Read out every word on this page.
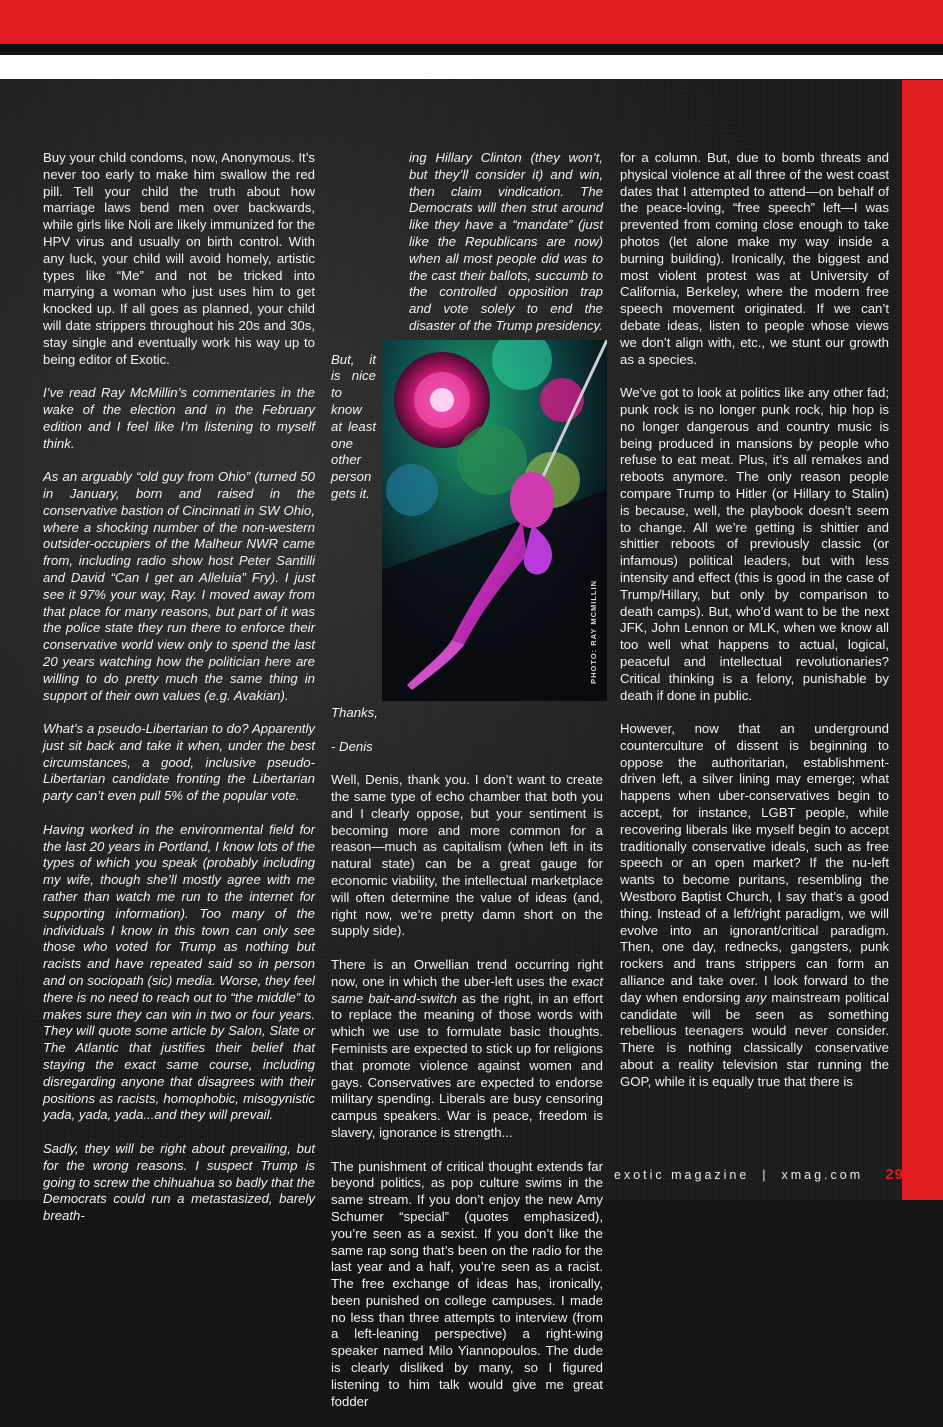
Buy your child condoms, now, Anonymous. It’s never too early to make him swallow the red pill. Tell your child the truth about how marriage laws bend men over backwards, while girls like Noli are likely immunized for the HPV virus and usually on birth control. With any luck, your child will avoid homely, artistic types like “Me” and not be tricked into marrying a woman who just uses him to get knocked up. If all goes as planned, your child will date strippers throughout his 20s and 30s, stay single and eventually work his way up to being editor of Exotic.

I’ve read Ray McMillin’s commentaries in the wake of the election and in the February edition and I feel like I’m listening to myself think.

As an arguably “old guy from Ohio” (turned 50 in January, born and raised in the conservative bastion of Cincinnati in SW Ohio, where a shocking number of the non-western outsider-occupiers of the Malheur NWR came from, including radio show host Peter Santilli and David “Can I get an Alleluia” Fry). I just see it 97% your way, Ray. I moved away from that place for many reasons, but part of it was the police state they run there to enforce their conservative world view only to spend the last 20 years watching how the politician here are willing to do pretty much the same thing in support of their own values (e.g. Avakian).

What’s a pseudo-Libertarian to do? Apparently just sit back and take it when, under the best circumstances, a good, inclusive pseudo-Libertarian candidate fronting the Libertarian party can’t even pull 5% of the popular vote.

Having worked in the environmental field for the last 20 years in Portland, I know lots of the types of which you speak (probably including my wife, though she’ll mostly agree with me rather than watch me run to the internet for supporting information). Too many of the individuals I know in this town can only see those who voted for Trump as nothing but racists and have repeated said so in person and on sociopath (sic) media. Worse, they feel there is no need to reach out to “the middle” to makes sure they can win in two or four years. They will quote some article by Salon, Slate or The Atlantic that justifies their belief that staying the exact same course, including disregarding anyone that disagrees with their positions as racists, homophobic, misogynistic yada, yada, yada...and they will prevail.

Sadly, they will be right about prevailing, but for the wrong reasons. I suspect Trump is going to screw the chihuahua so badly that the Democrats could run a metastasized, barely breath-

PHOTO: RAY MCMILLIN

ing Hillary Clinton (they won’t, but they’ll consider it) and win, then claim vindication. The Democrats will then strut around like they have a “mandate” (just like the Republicans are now) when all most people did was to the cast their ballots, succumb to the controlled opposition trap and vote solely to end the disaster of the Trump presidency.

But, it is nice to know at least one other person gets it.

Thanks,

- Denis

Well, Denis, thank you. I don’t want to create the same type of echo chamber that both you and I clearly oppose, but your sentiment is becoming more and more common for a reason—much as capitalism (when left in its natural state) can be a great gauge for economic viability, the intellectual marketplace will often determine the value of ideas (and, right now, we’re pretty damn short on the supply side).

There is an Orwellian trend occurring right now, one in which the uber-left uses the exact same bait-and-switch as the right, in an effort to replace the meaning of those words with which we use to formulate basic thoughts. Feminists are expected to stick up for religions that promote violence against women and gays. Conservatives are expected to endorse military spending. Liberals are busy censoring campus speakers. War is peace, freedom is slavery, ignorance is strength...

The punishment of critical thought extends far beyond politics, as pop culture swims in the same stream. If you don’t enjoy the new Amy Schumer “special” (quotes emphasized), you’re seen as a sexist. If you don’t like the same rap song that’s been on the radio for the last year and a half, you’re seen as a racist. The free exchange of ideas has, ironically, been punished on college campuses. I made no less than three attempts to interview (from a left-leaning perspective) a right-wing speaker named Milo Yiannopoulos. The dude is clearly disliked by many, so I figured listening to him talk would give me great fodder

for a column. But, due to bomb threats and physical violence at all three of the west coast dates that I attempted to attend—on behalf of the peace-loving, “free speech” left—I was prevented from coming close enough to take photos (let alone make my way inside a burning building). Ironically, the biggest and most violent protest was at University of California, Berkeley, where the modern free speech movement originated. If we can’t debate ideas, listen to people whose views we don’t align with, etc., we stunt our growth as a species.

We’ve got to look at politics like any other fad; punk rock is no longer punk rock, hip hop is no longer dangerous and country music is being produced in mansions by people who refuse to eat meat. Plus, it’s all remakes and reboots anymore. The only reason people compare Trump to Hitler (or Hillary to Stalin) is because, well, the playbook doesn’t seem to change. All we’re getting is shittier and shittier reboots of previously classic (or infamous) political leaders, but with less intensity and effect (this is good in the case of Trump/Hillary, but only by comparison to death camps). But, who’d want to be the next JFK, John Lennon or MLK, when we know all too well what happens to actual, logical, peaceful and intellectual revolutionaries? Critical thinking is a felony, punishable by death if done in public.

However, now that an underground counterculture of dissent is beginning to oppose the authoritarian, establishment-driven left, a silver lining may emerge; what happens when uber-conservatives begin to accept, for instance, LGBT people, while recovering liberals like myself begin to accept traditionally conservative ideals, such as free speech or an open market? If the nu-left wants to become puritans, resembling the Westboro Baptist Church, I say that’s a good thing. Instead of a left/right paradigm, we will evolve into an ignorant/critical paradigm. Then, one day, rednecks, gangsters, punk rockers and trans strippers can form an alliance and take over. I look forward to the day when endorsing any mainstream political candidate will be seen as something rebellious teenagers would never consider. There is nothing classically conservative about a reality television star running the GOP, while it is equally true that there is

exotic magazine  |  xmag.com 29
